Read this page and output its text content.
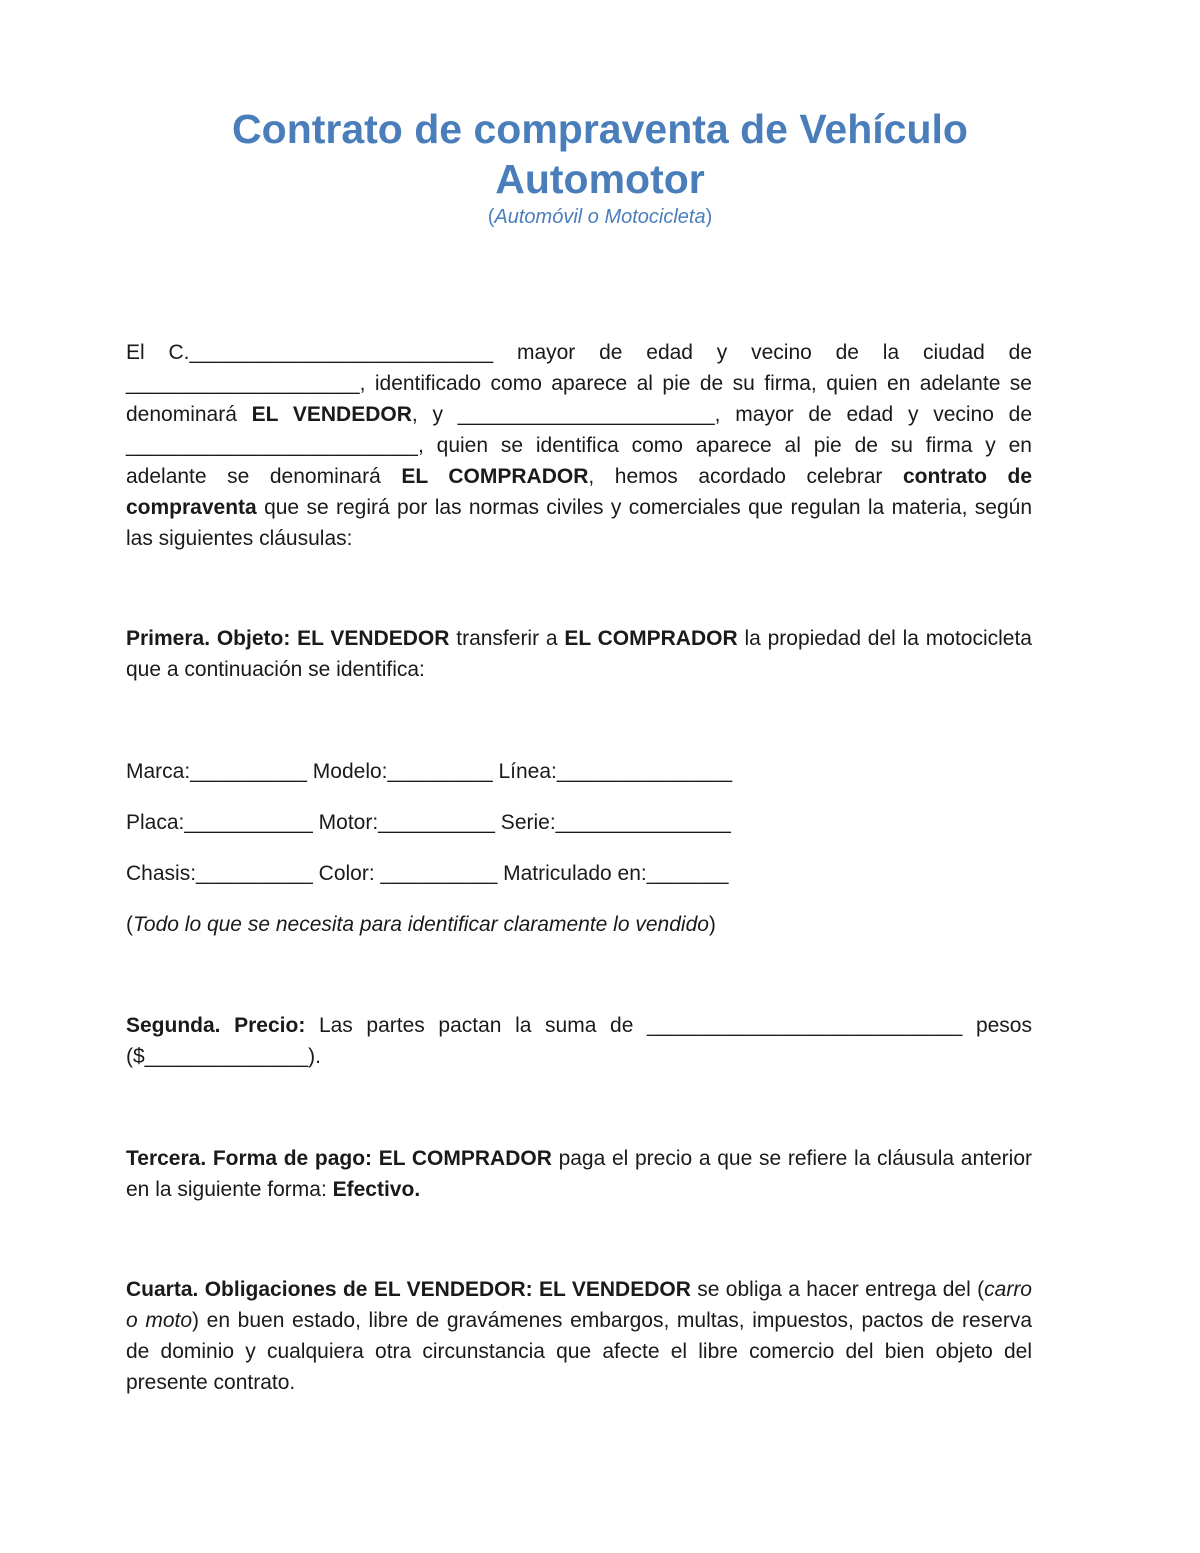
Contrato de compraventa de Vehículo
Automotor
(Automóvil o Motocicleta)
El C.__________________________ mayor de edad y vecino de la ciudad de ____________________, identificado como aparece al pie de su firma, quien en adelante se denominará EL VENDEDOR, y ______________________, mayor de edad y vecino de _________________________, quien se identifica como aparece al pie de su firma y en adelante se denominará EL COMPRADOR, hemos acordado celebrar contrato de compraventa que se regirá por las normas civiles y comerciales que regulan la materia, según las siguientes cláusulas:
Primera. Objeto: EL VENDEDOR transferir a EL COMPRADOR la propiedad del la motocicleta que a continuación se identifica:
Marca:__________ Modelo:_________ Línea:_______________
Placa:___________ Motor:__________ Serie:_______________
Chasis:__________ Color: __________ Matriculado en:_______
(Todo lo que se necesita para identificar claramente lo vendido)
Segunda. Precio: Las partes pactan la suma de ___________________________ pesos ($______________).
Tercera. Forma de pago: EL COMPRADOR paga el precio a que se refiere la cláusula anterior en la siguiente forma: Efectivo.
Cuarta. Obligaciones de EL VENDEDOR: EL VENDEDOR se obliga a hacer entrega del (carro o moto) en buen estado, libre de gravámenes embargos, multas, impuestos, pactos de reserva de dominio y cualquiera otra circunstancia que afecte el libre comercio del bien objeto del presente contrato.
